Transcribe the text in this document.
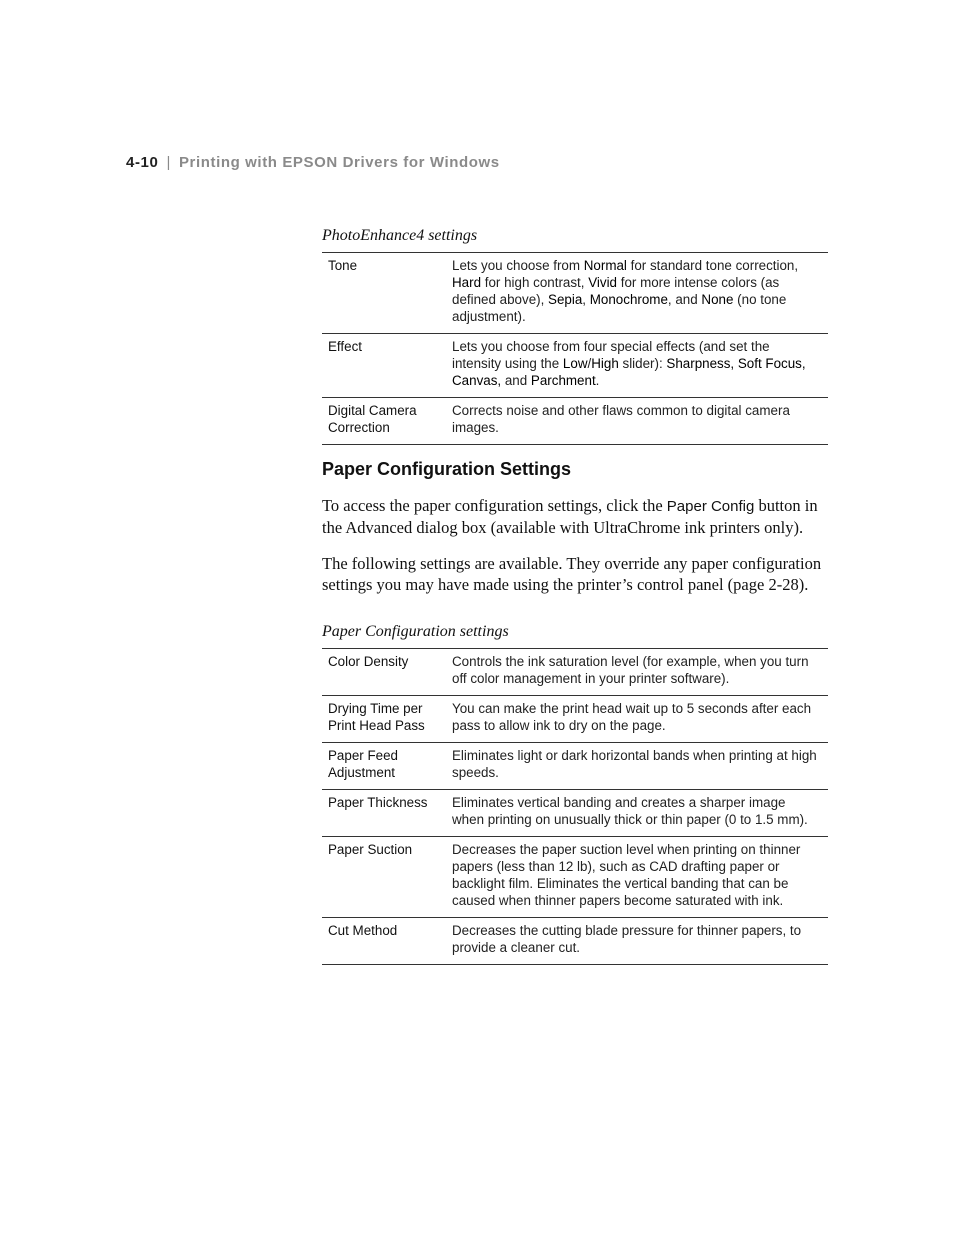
4-10 | Printing with EPSON Drivers for Windows
PhotoEnhance4 settings
Tone	Lets you choose from Normal for standard tone correction, Hard for high contrast, Vivid for more intense colors (as defined above), Sepia, Monochrome, and None (no tone adjustment).
Effect	Lets you choose from four special effects (and set the intensity using the Low/High slider): Sharpness, Soft Focus, Canvas, and Parchment.
Digital Camera Correction	Corrects noise and other flaws common to digital camera images.
Paper Configuration Settings
To access the paper configuration settings, click the Paper Config button in the Advanced dialog box (available with UltraChrome ink printers only).
The following settings are available. They override any paper configuration settings you may have made using the printer’s control panel (page 2-28).
Paper Configuration settings
Color Density	Controls the ink saturation level (for example, when you turn off color management in your printer software).
Drying Time per Print Head Pass	You can make the print head wait up to 5 seconds after each pass to allow ink to dry on the page.
Paper Feed Adjustment	Eliminates light or dark horizontal bands when printing at high speeds.
Paper Thickness	Eliminates vertical banding and creates a sharper image when printing on unusually thick or thin paper (0 to 1.5 mm).
Paper Suction	Decreases the paper suction level when printing on thinner papers (less than 12 lb), such as CAD drafting paper or backlight film. Eliminates the vertical banding that can be caused when thinner papers become saturated with ink.
Cut Method	Decreases the cutting blade pressure for thinner papers, to provide a cleaner cut.
